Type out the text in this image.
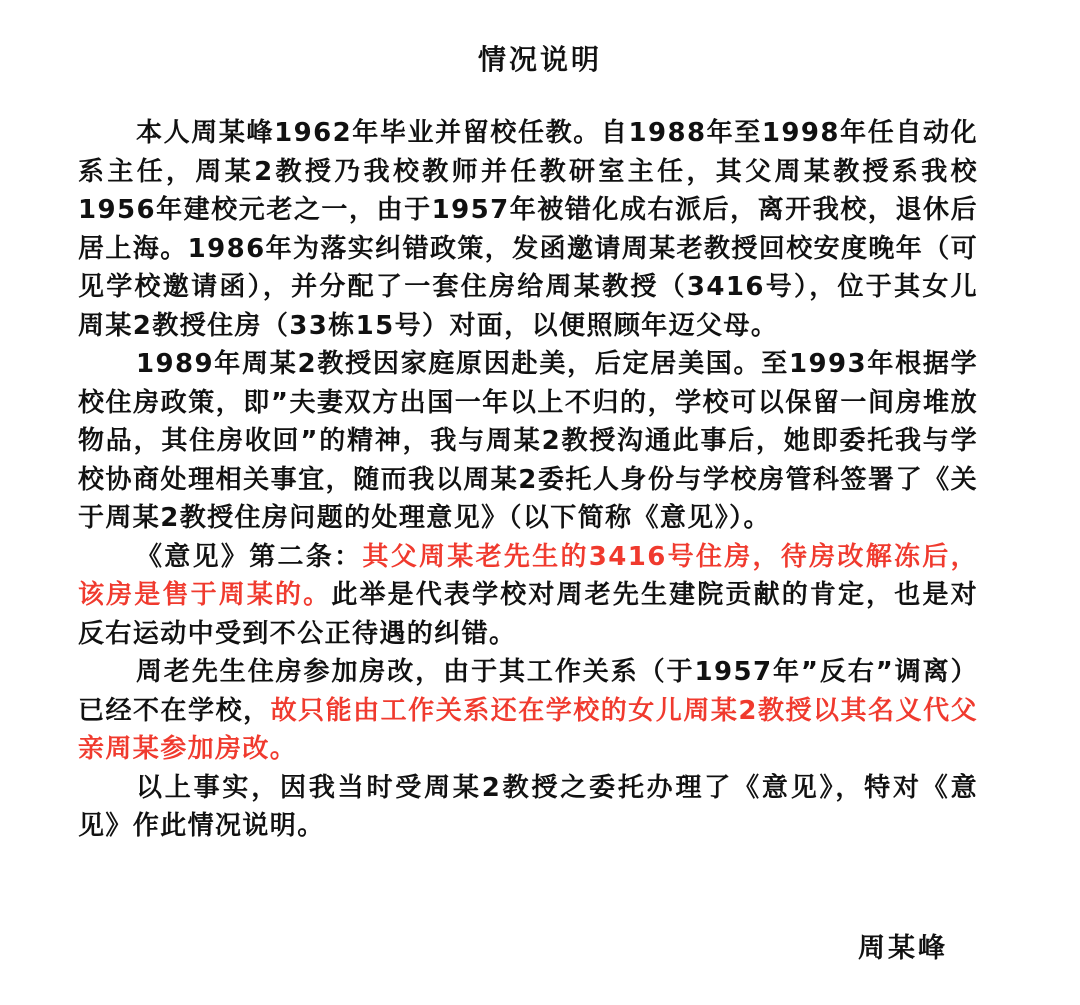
情况说明

本人周某峰1962年毕业并留校任教。自1988年至1998年任自动化系主任，周某2教授乃我校教师并任教研室主任，其父周某教授系我校1956年建校元老之一，由于1957年被错化成右派后，离开我校，退休后居上海。1986年为落实纠错政策，发函邀请周某老教授回校安度晚年（可见学校邀请函），并分配了一套住房给周某教授（3416号），位于其女儿周某2教授住房（33栋15号）对面，以便照顾年迈父母。

1989年周某2教授因家庭原因赴美，后定居美国。至1993年根据学校住房政策，即”夫妻双方出国一年以上不归的，学校可以保留一间房堆放物品，其住房收回”的精神，我与周某2教授沟通此事后，她即委托我与学校协商处理相关事宜，随而我以周某2委托人身份与学校房管科签署了《关于周某2教授住房问题的处理意见》（以下简称《意见》）。

《意见》第二条：其父周某老先生的3416号住房，待房改解冻后，该房是售于周某的。此举是代表学校对周老先生建院贡献的肯定，也是对反右运动中受到不公正待遇的纠错。

周老先生住房参加房改，由于其工作关系（于1957年”反右”调离）已经不在学校，故只能由工作关系还在学校的女儿周某2教授以其名义代父亲周某参加房改。

以上事实，因我当时受周某2教授之委托办理了《意见》，特对《意见》作此情况说明。

周某峰
